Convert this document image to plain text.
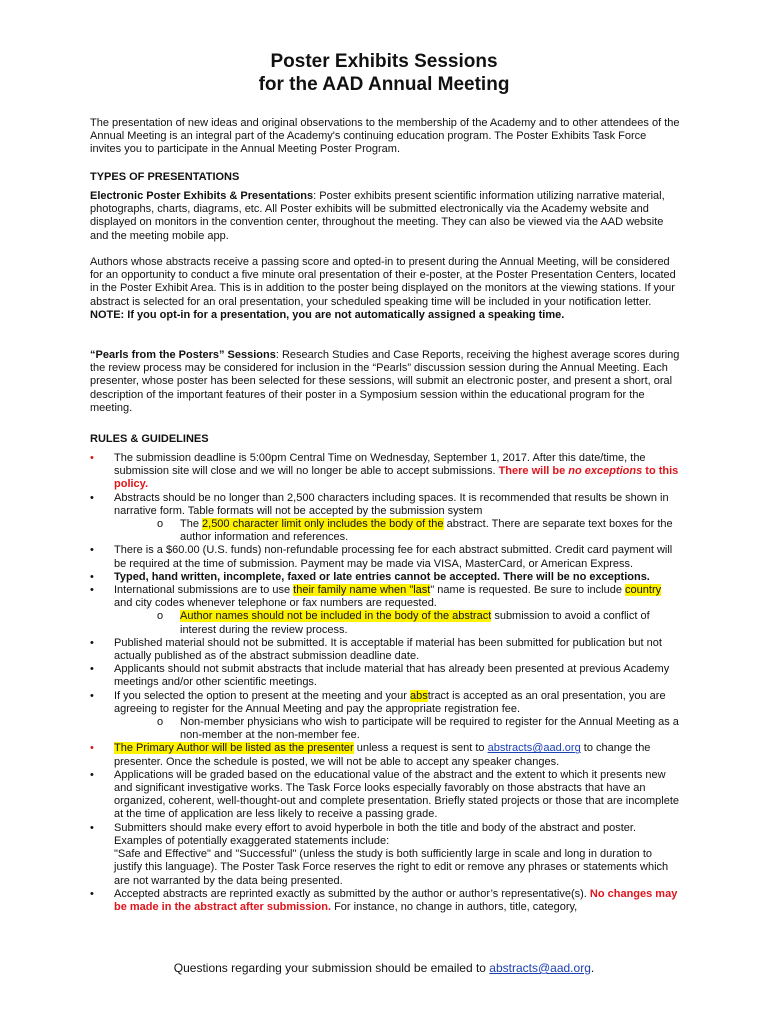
Poster Exhibits Sessions
for the AAD Annual Meeting

The presentation of new ideas and original observations to the membership of the Academy and to other attendees of the Annual Meeting is an integral part of the Academy's continuing education program. The Poster Exhibits Task Force invites you to participate in the Annual Meeting Poster Program.

TYPES OF PRESENTATIONS

Electronic Poster Exhibits & Presentations: Poster exhibits present scientific information utilizing narrative material, photographs, charts, diagrams, etc. All Poster exhibits will be submitted electronically via the Academy website and displayed on monitors in the convention center, throughout the meeting. They can also be viewed via the AAD website and the meeting mobile app.

Authors whose abstracts receive a passing score and opted-in to present during the Annual Meeting, will be considered for an opportunity to conduct a five minute oral presentation of their e-poster, at the Poster Presentation Centers, located in the Poster Exhibit Area. This is in addition to the poster being displayed on the monitors at the viewing stations. If your abstract is selected for an oral presentation, your scheduled speaking time will be included in your notification letter. NOTE: If you opt-in for a presentation, you are not automatically assigned a speaking time.

“Pearls from the Posters” Sessions: Research Studies and Case Reports, receiving the highest average scores during the review process may be considered for inclusion in the “Pearls” discussion session during the Annual Meeting. Each presenter, whose poster has been selected for these sessions, will submit an electronic poster, and present a short, oral description of the important features of their poster in a Symposium session within the educational program for the meeting.

RULES & GUIDELINES
• The submission deadline is 5:00pm Central Time on Wednesday, September 1, 2017. After this date/time, the submission site will close and we will no longer be able to accept submissions. There will be no exceptions to this policy.
• Abstracts should be no longer than 2,500 characters including spaces. It is recommended that results be shown in narrative form. Table formats will not be accepted by the submission system
o The 2,500 character limit only includes the body of the abstract. There are separate text boxes for the author information and references.
• There is a $60.00 (U.S. funds) non-refundable processing fee for each abstract submitted. Credit card payment will be required at the time of submission. Payment may be made via VISA, MasterCard, or American Express.
• Typed, hand written, incomplete, faxed or late entries cannot be accepted. There will be no exceptions.
• International submissions are to use their family name when "last" name is requested. Be sure to include country and city codes whenever telephone or fax numbers are requested.
o Author names should not be included in the body of the abstract submission to avoid a conflict of interest during the review process.
• Published material should not be submitted. It is acceptable if material has been submitted for publication but not actually published as of the abstract submission deadline date.
• Applicants should not submit abstracts that include material that has already been presented at previous Academy meetings and/or other scientific meetings.
• If you selected the option to present at the meeting and your abstract is accepted as an oral presentation, you are agreeing to register for the Annual Meeting and pay the appropriate registration fee.
o Non-member physicians who wish to participate will be required to register for the Annual Meeting as a non-member at the non-member fee.
• The Primary Author will be listed as the presenter unless a request is sent to abstracts@aad.org to change the presenter. Once the schedule is posted, we will not be able to accept any speaker changes.
• Applications will be graded based on the educational value of the abstract and the extent to which it presents new and significant investigative works. The Task Force looks especially favorably on those abstracts that have an organized, coherent, well-thought-out and complete presentation. Briefly stated projects or those that are incomplete at the time of application are less likely to receive a passing grade.
• Submitters should make every effort to avoid hyperbole in both the title and body of the abstract and poster. Examples of potentially exaggerated statements include:
"Safe and Effective" and "Successful" (unless the study is both sufficiently large in scale and long in duration to justify this language). The Poster Task Force reserves the right to edit or remove any phrases or statements which are not warranted by the data being presented.
• Accepted abstracts are reprinted exactly as submitted by the author or author’s representative(s). No changes may be made in the abstract after submission. For instance, no change in authors, title, category,

Questions regarding your submission should be emailed to abstracts@aad.org.
